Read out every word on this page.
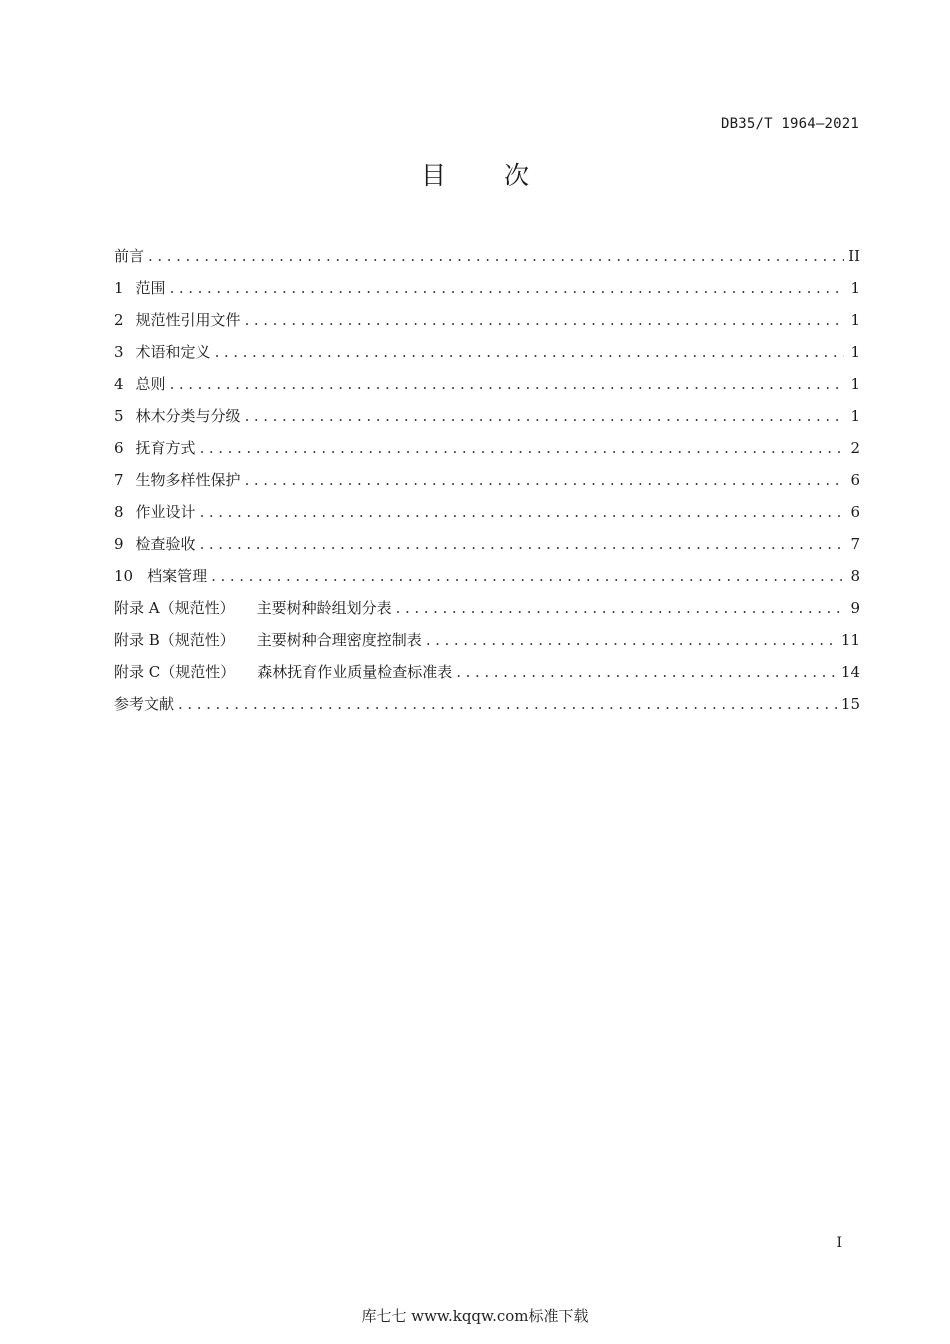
DB35/T 1964—2021
目 次
前言 .....	II
1 范围 .....	1
2 规范性引用文件 .....	1
3 术语和定义 .....	1
4 总则 .....	1
5 林木分类与分级 .....	1
6 抚育方式 .....	2
7 生物多样性保护 .....	6
8 作业设计 .....	6
9 检查验收 .....	7
10 档案管理 .....	8
附录 A（规范性） 主要树种龄组划分表 .....	9
附录 B（规范性） 主要树种合理密度控制表 .....	11
附录 C（规范性） 森林抚育作业质量检查标准表 .....	14
参考文献 .....	15
I
库七七 www.kqqw.com标准下载
